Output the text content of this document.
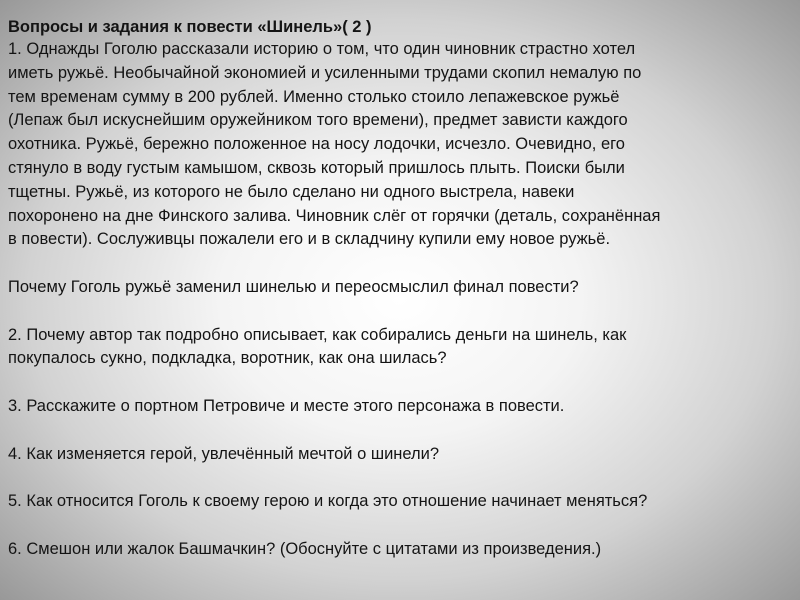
Вопросы и задания к повести «Шинель»( 2 )
1. Однажды Гоголю рассказали историю о том, что один чиновник страстно хотел
иметь ружьё. Необычайной экономией и усиленными трудами скопил немалую по
тем временам сумму в 200 рублей. Именно столько стоило лепажевское ружьё
(Лепаж был искуснейшим оружейником того времени), предмет зависти каждого
охотника. Ружьё, бережно положенное на носу лодочки, исчезло. Очевидно, его
стянуло в воду густым камышом, сквозь который пришлось плыть. Поиски были
тщетны. Ружьё, из которого не было сделано ни одного выстрела, навеки
похоронено на дне Финского залива. Чиновник слёг от горячки (деталь, сохранённая
в повести). Сослуживцы пожалели его и в складчину купили ему новое ружьё.
Почему Гоголь ружьё заменил шинелью и переосмыслил финал повести?
2. Почему автор так подробно описывает, как собирались деньги на шинель, как
покупалось сукно, подкладка, воротник, как она шилась?
3. Расскажите о портном Петровиче и месте этого персонажа в повести.
4. Как изменяется герой, увлечённый мечтой о шинели?
5. Как относится Гоголь к своему герою и когда это отношение начинает меняться?
6. Смешон или жалок Башмачкин? (Обоснуйте с цитатами из произведения.)
